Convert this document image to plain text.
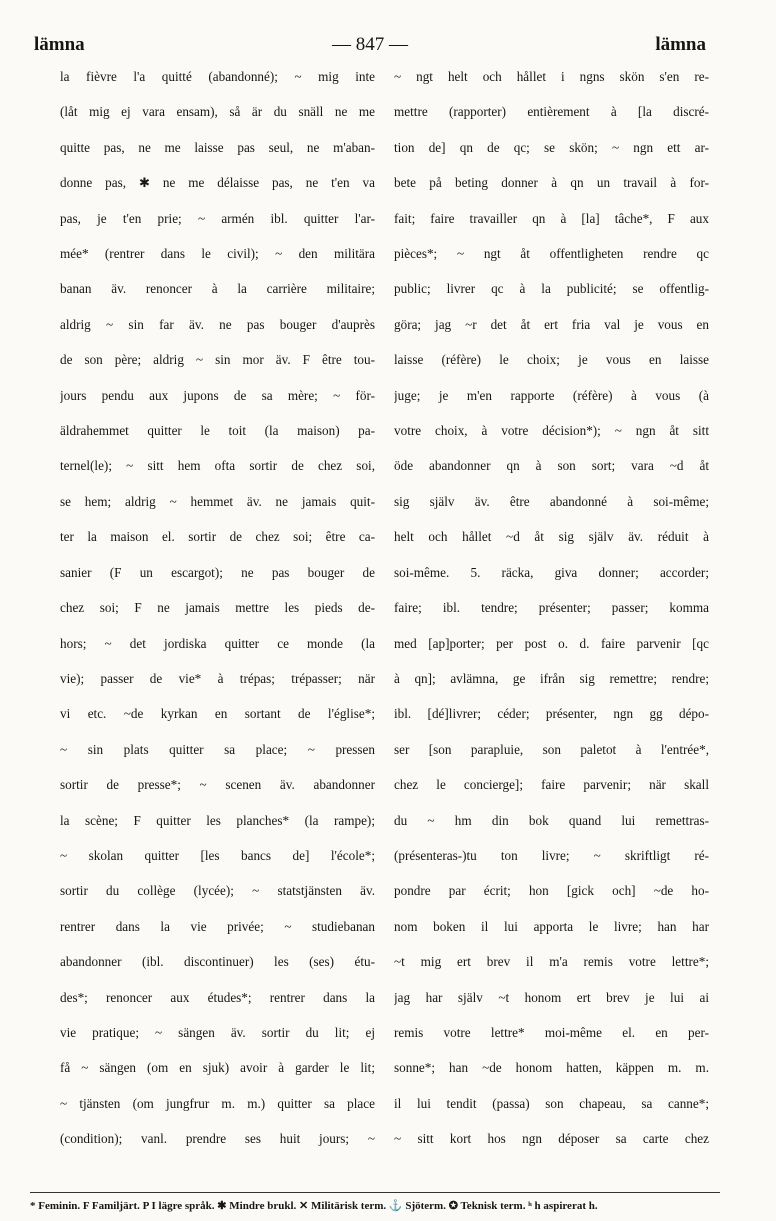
lämna	— 847 —	lämna

la fièvre l'a quitté (abandonné); ~ mig inte

(låt mig ej vara ensam), så är du snäll ne me

quitte pas, ne me laisse pas seul, ne m'aban-

donne pas, ✱ ne me délaisse pas, ne t'en va

pas, je t'en prie; ~ armén ibl. quitter l'ar-

mée* (rentrer dans le civil); ~ den militära

banan äv. renoncer à la carrière militaire;

aldrig ~ sin far äv. ne pas bouger d'auprès

de son père; aldrig ~ sin mor äv. F être tou-

jours pendu aux jupons de sa mère; ~ för-

äldrahemmet quitter le toit (la maison) pa-

ternel(le); ~ sitt hem ofta sortir de chez soi,

se hem; aldrig ~ hemmet äv. ne jamais quit-

ter la maison el. sortir de chez soi; être ca-

sanier (F un escargot); ne pas bouger de

chez soi; F ne jamais mettre les pieds de-

hors; ~ det jordiska quitter ce monde (la

vie); passer de vie* à trépas; trépasser; när

vi etc. ~de kyrkan en sortant de l'église*;

~ sin plats quitter sa place; ~ pressen

sortir de presse*; ~ scenen äv. abandonner

la scène; F quitter les planches* (la rampe);

~ skolan quitter [les bancs de] l'école*;

sortir du collège (lycée); ~ statstjänsten äv.

rentrer dans la vie privée; ~ studiebanan

abandonner (ibl. discontinuer) les (ses) étu-

des*; renoncer aux études*; rentrer dans la

vie pratique; ~ sängen äv. sortir du lit; ej

få ~ sängen (om en sjuk) avoir à garder le lit;

~ tjänsten (om jungfrur m. m.) quitter sa place

(condition); vanl. prendre ses huit jours; ~

~ ngt helt och hållet i ngns skön s'en re-

mettre (rapporter) entièrement à [la discré-

tion de] qn de qc; se skön; ~ ngn ett ar-

bete på beting donner à qn un travail à for-

fait; faire travailler qn à [la] tâche*, F aux

pièces*; ~ ngt åt offentligheten rendre qc

public; livrer qc à la publicité; se offentlig-

göra; jag ~r det åt ert fria val je vous en

laisse (réfère) le choix; je vous en laisse

juge; je m'en rapporte (réfère) à vous (à

votre choix, à votre décision*); ~ ngn åt sitt

öde abandonner qn à son sort; vara ~d åt

sig själv äv. être abandonné à soi-même;

helt och hållet ~d åt sig själv äv. réduit à

soi-même. 5. räcka, giva donner; accorder;

faire; ibl. tendre; présenter; passer; komma

med [ap]porter; per post o. d. faire parvenir [qc

à qn]; avlämna, ge ifrån sig remettre; rendre;

ibl. [dé]livrer; céder; présenter, ngn gg dépo-

ser [son parapluie, son paletot à l'entrée*,

chez le concierge]; faire parvenir; när skall

du ~ hm din bok quand lui remettras-

(présenteras-)tu ton livre; ~ skriftligt ré-

pondre par écrit; hon [gick och] ~de ho-

nom boken il lui apporta le livre; han har

~t mig ert brev il m'a remis votre lettre*;

jag har själv ~t honom ert brev je lui ai

remis votre lettre* moi-même el. en per-

sonne*; han ~de honom hatten, käppen m. m.

il lui tendit (passa) son chapeau, sa canne*;

~ sitt kort hos ngn déposer sa carte chez

* Feminin. F Familjärt. P I lägre språk. ✱ Mindre brukl. ✕ Militärisk term. ⚓ Sjöterm. ✪ Teknisk term. ʰ h aspirerat h.
